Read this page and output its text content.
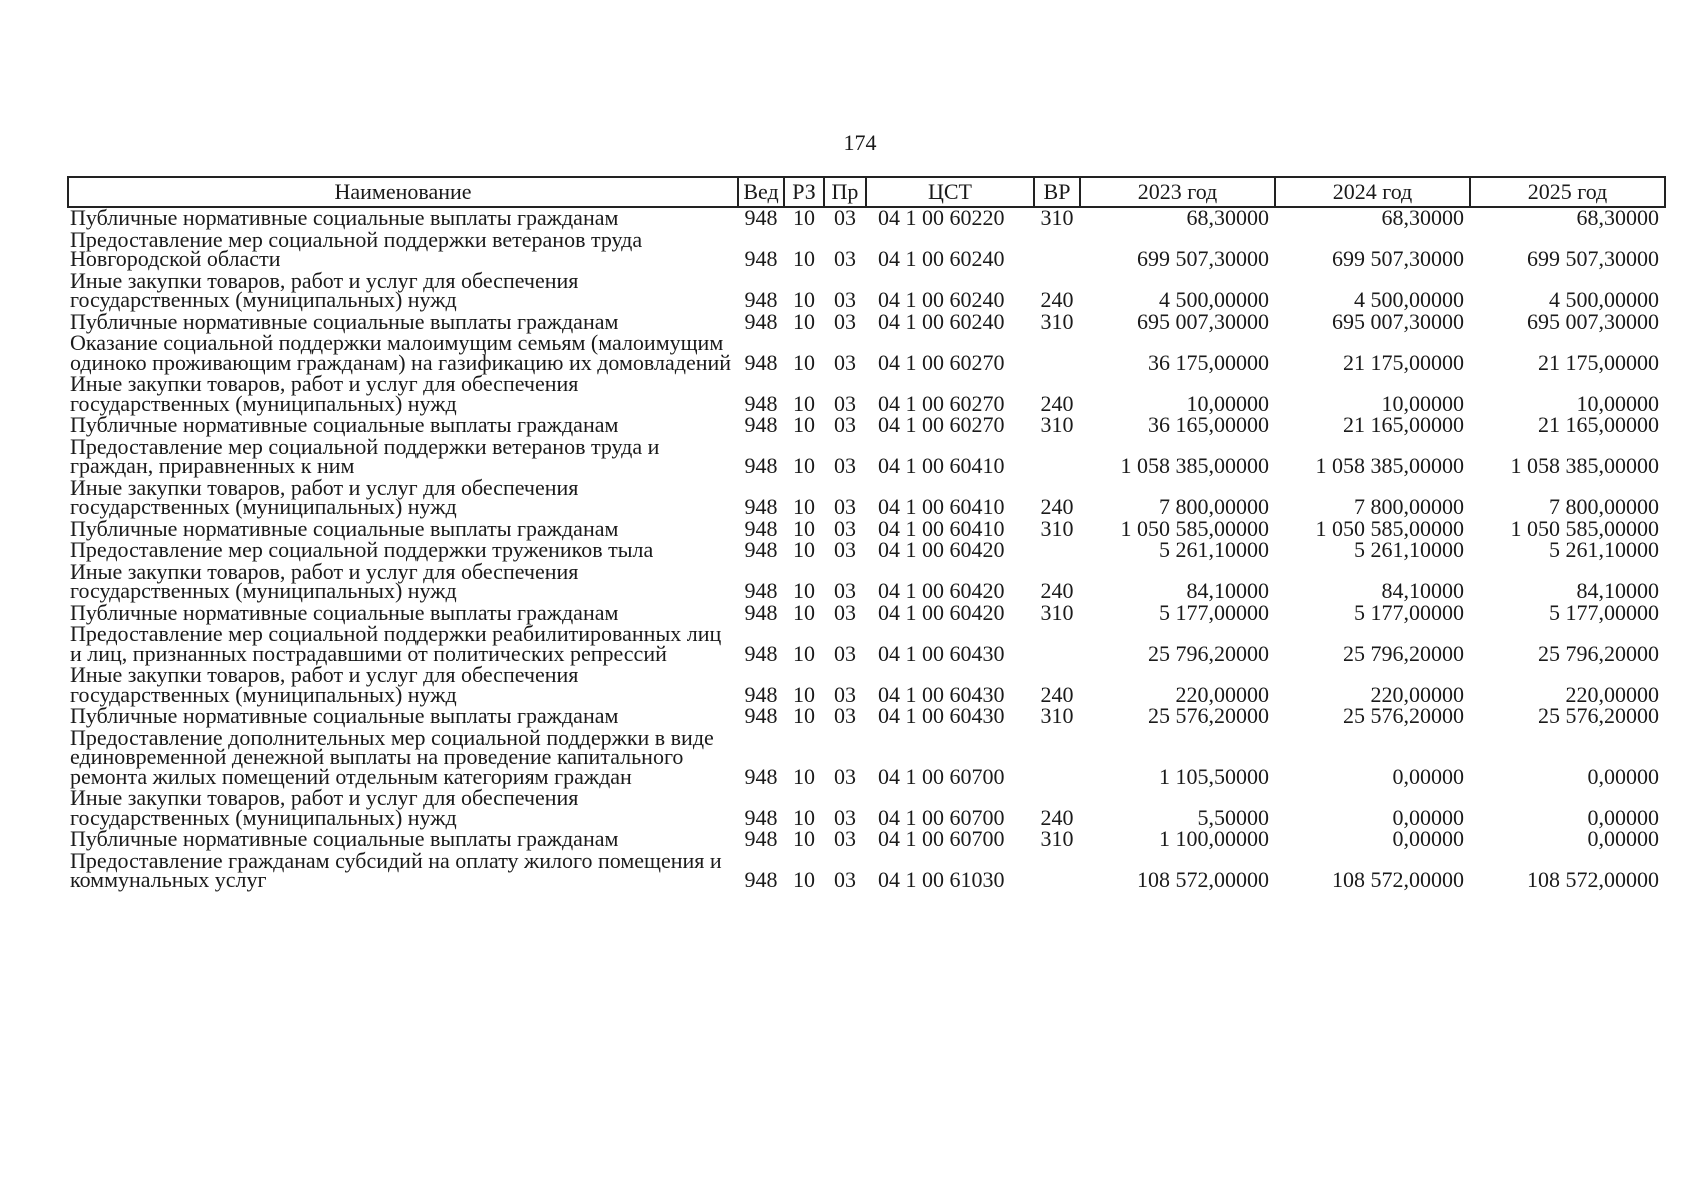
174
Наименование	Вед	РЗ	Пр	ЦСТ	ВР	2023 год	2024 год	2025 год
Публичные нормативные социальные выплаты гражданам	948	10	03	04 1 00 60220	310	68,30000	68,30000	68,30000
Предоставление мер социальной поддержки ветеранов труда Новгородской области	948	10	03	04 1 00 60240		699 507,30000	699 507,30000	699 507,30000
Иные закупки товаров, работ и услуг для обеспечения государственных (муниципальных) нужд	948	10	03	04 1 00 60240	240	4 500,00000	4 500,00000	4 500,00000
Публичные нормативные социальные выплаты гражданам	948	10	03	04 1 00 60240	310	695 007,30000	695 007,30000	695 007,30000
Оказание социальной поддержки малоимущим семьям (малоимущим одиноко проживающим гражданам) на газификацию их домовладений	948	10	03	04 1 00 60270		36 175,00000	21 175,00000	21 175,00000
Иные закупки товаров, работ и услуг для обеспечения государственных (муниципальных) нужд	948	10	03	04 1 00 60270	240	10,00000	10,00000	10,00000
Публичные нормативные социальные выплаты гражданам	948	10	03	04 1 00 60270	310	36 165,00000	21 165,00000	21 165,00000
Предоставление мер социальной поддержки ветеранов труда и граждан, приравненных к ним	948	10	03	04 1 00 60410		1 058 385,00000	1 058 385,00000	1 058 385,00000
Иные закупки товаров, работ и услуг для обеспечения государственных (муниципальных) нужд	948	10	03	04 1 00 60410	240	7 800,00000	7 800,00000	7 800,00000
Публичные нормативные социальные выплаты гражданам	948	10	03	04 1 00 60410	310	1 050 585,00000	1 050 585,00000	1 050 585,00000
Предоставление мер социальной поддержки тружеников тыла	948	10	03	04 1 00 60420		5 261,10000	5 261,10000	5 261,10000
Иные закупки товаров, работ и услуг для обеспечения государственных (муниципальных) нужд	948	10	03	04 1 00 60420	240	84,10000	84,10000	84,10000
Публичные нормативные социальные выплаты гражданам	948	10	03	04 1 00 60420	310	5 177,00000	5 177,00000	5 177,00000
Предоставление мер социальной поддержки реабилитированных лиц и лиц, признанных пострадавшими от политических репрессий	948	10	03	04 1 00 60430		25 796,20000	25 796,20000	25 796,20000
Иные закупки товаров, работ и услуг для обеспечения государственных (муниципальных) нужд	948	10	03	04 1 00 60430	240	220,00000	220,00000	220,00000
Публичные нормативные социальные выплаты гражданам	948	10	03	04 1 00 60430	310	25 576,20000	25 576,20000	25 576,20000
Предоставление дополнительных мер социальной поддержки в виде единовременной денежной выплаты на проведение капитального ремонта жилых помещений отдельным категориям граждан	948	10	03	04 1 00 60700		1 105,50000	0,00000	0,00000
Иные закупки товаров, работ и услуг для обеспечения государственных (муниципальных) нужд	948	10	03	04 1 00 60700	240	5,50000	0,00000	0,00000
Публичные нормативные социальные выплаты гражданам	948	10	03	04 1 00 60700	310	1 100,00000	0,00000	0,00000
Предоставление гражданам субсидий на оплату жилого помещения и коммунальных услуг	948	10	03	04 1 00 61030		108 572,00000	108 572,00000	108 572,00000
